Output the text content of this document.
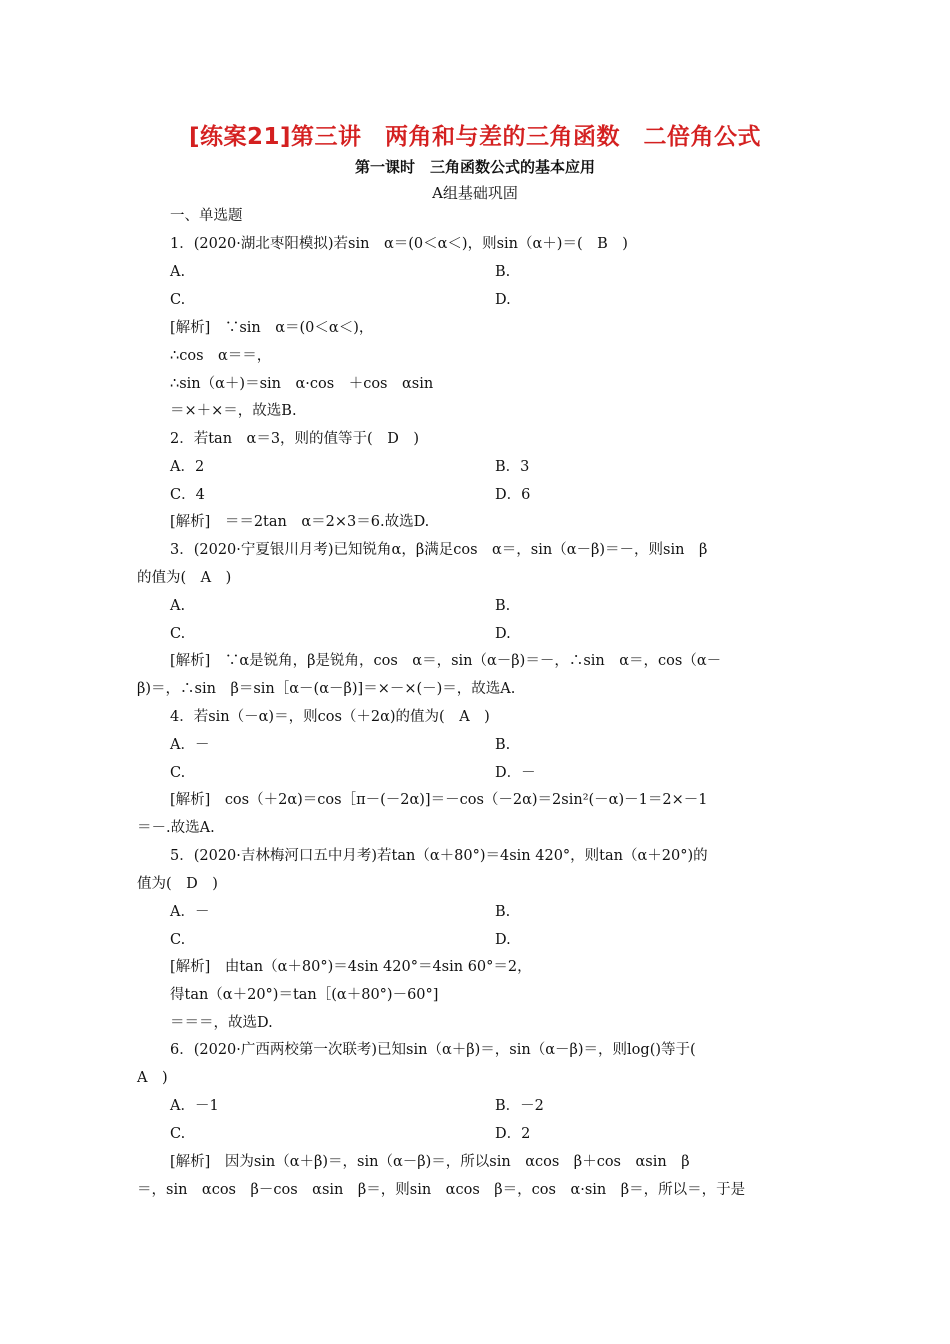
[练案21]第三讲　两角和与差的三角函数　二倍角公式
第一课时　三角函数公式的基本应用
A组基础巩固
一、单选题
1．(2020·湖北枣阳模拟)若sin　α＝(0＜α＜)，则sin（α＋)＝(　B　)
A.	B.
C.	D.
[解析]　∵sin　α＝(0＜α＜)，
∴cos　α＝＝，
∴sin（α＋)＝sin　α·cos　＋cos　αsin
＝×＋×＝，故选B.
2．若tan　α＝3，则的值等于(　D　)
A．2	B．3
C．4	D．6
[解析]　＝＝2tan　α＝2×3＝6.故选D.
3．(2020·宁夏银川月考)已知锐角α，β满足cos　α＝，sin（α－β)＝－，则sin　β
的值为(　A　)
A.	B.
C.	D.
[解析]　∵α是锐角，β是锐角，cos　α＝，sin（α－β)＝－，∴sin　α＝，cos（α－
β)＝，∴sin　β＝sin［α－(α－β)]＝×－×(－)＝，故选A.
4．若sin（－α)＝，则cos（＋2α)的值为(　A　)
A．－	B.
C.	D．－
[解析]　cos（＋2α)＝cos［π－(－2α)]＝－cos（－2α)＝2sin²(－α)－1＝2×－1
＝－.故选A.
5．(2020·吉林梅河口五中月考)若tan（α＋80°)＝4sin 420°，则tan（α＋20°)的
值为(　D　)
A．－	B.
C.	D.
[解析]　由tan（α＋80°)＝4sin 420°＝4sin 60°＝2，
得tan（α＋20°)＝tan［(α＋80°)－60°]
＝＝＝，故选D.
6．(2020·广西两校第一次联考)已知sin（α＋β)＝，sin（α－β)＝，则log()等于(
A　)
A．－1	B．－2
C.	D．2
[解析]　因为sin（α＋β)＝，sin（α－β)＝，所以sin　αcos　β＋cos　αsin　β
＝，sin　αcos　β－cos　αsin　β＝，则sin　αcos　β＝，cos　α·sin　β＝，所以＝，于是
